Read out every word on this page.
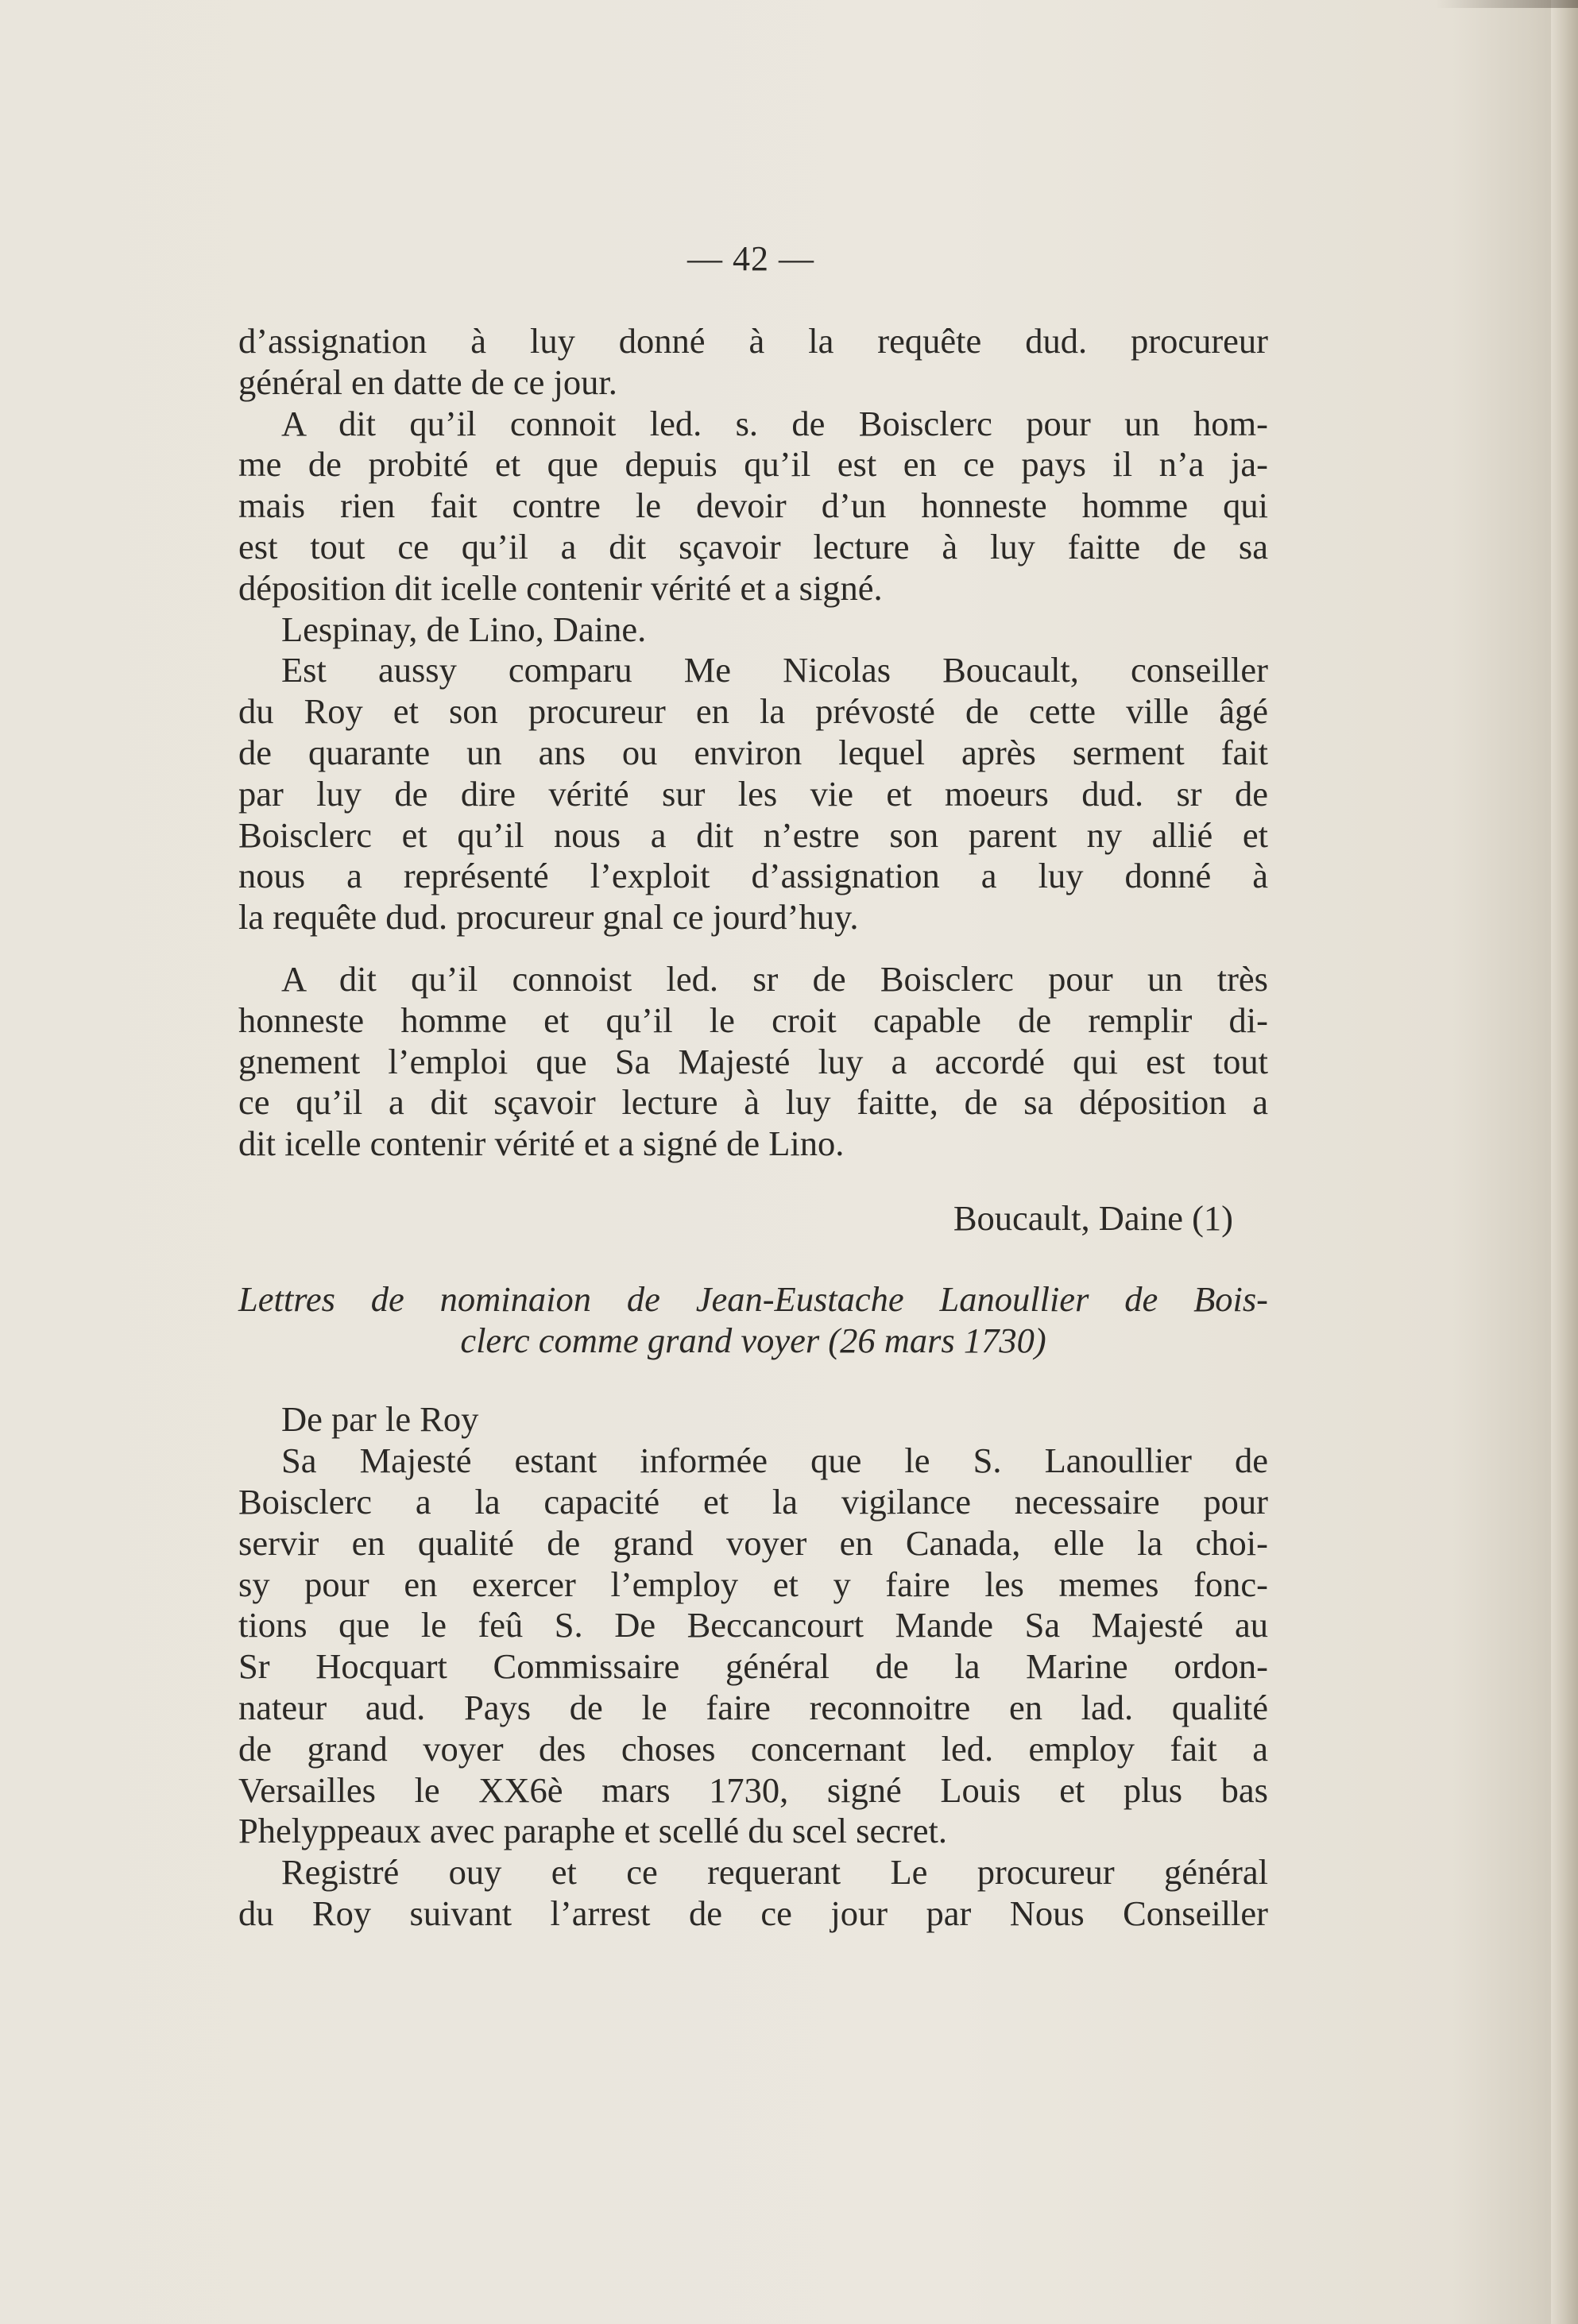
— 42 —

d’assignation à luy donné à la requête dud. procureur

général en datte de ce jour.

A dit qu’il connoit led. s. de Boisclerc pour un hom-

me de probité et que depuis qu’il est en ce pays il n’a ja-

mais rien fait contre le devoir d’un honneste homme qui

est tout ce qu’il a dit sçavoir lecture à luy faitte de sa

déposition dit icelle contenir vérité et a signé.

Lespinay, de Lino, Daine.

Est aussy comparu Me Nicolas Boucault, conseiller

du Roy et son procureur en la prévosté de cette ville âgé

de quarante un ans ou environ lequel après serment fait

par luy de dire vérité sur les vie et moeurs dud. sr de

Boisclerc et qu’il nous a dit n’estre son parent ny allié et

nous a représenté l’exploit d’assignation a luy donné à

la requête dud. procureur gnal ce jourd’huy.

A dit qu’il connoist led. sr de Boisclerc pour un très

honneste homme et qu’il le croit capable de remplir di-

gnement l’emploi que Sa Majesté luy a accordé qui est tout

ce qu’il a dit sçavoir lecture à luy faitte, de sa déposition a

dit icelle contenir vérité et a signé de Lino.

Boucault, Daine (1)

Lettres de nominaion de Jean-Eustache Lanoullier de Bois-

clerc comme grand voyer (26 mars 1730)

De par le Roy

Sa Majesté estant informée que le S. Lanoullier de

Boisclerc a la capacité et la vigilance necessaire pour

servir en qualité de grand voyer en Canada, elle la choi-

sy pour en exercer l’employ et y faire les memes fonc-

tions que le feû S. De Beccancourt Mande Sa Majesté au

Sr Hocquart Commissaire général de la Marine ordon-

nateur aud. Pays de le faire reconnoitre en lad. qualité

de grand voyer des choses concernant led. employ fait a

Versailles le XX6è mars 1730, signé Louis et plus bas

Phelyppeaux avec paraphe et scellé du scel secret.

Registré ouy et ce requerant Le procureur général

du Roy suivant l’arrest de ce jour par Nous Conseiller
